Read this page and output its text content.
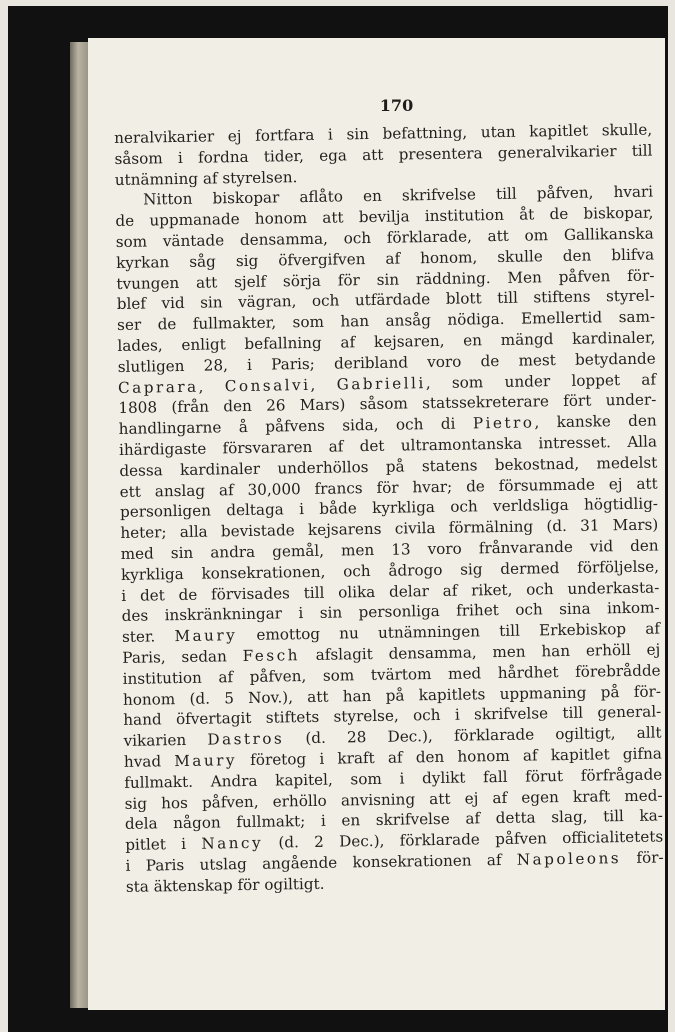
170
neralvikarier ej fortfara i sin befattning, utan kapitlet skulle,
såsom i fordna tider, ega att presentera generalvikarier till
utnämning af styrelsen.
Nitton biskopar aflåto en skrifvelse till påfven, hvari
de uppmanade honom att bevilja institution åt de biskopar,
som väntade densamma, och förklarade, att om Gallikanska
kyrkan såg sig öfvergifven af honom, skulle den blifva
tvungen att sjelf sörja för sin räddning. Men påfven för-
blef vid sin vägran, och utfärdade blott till stiftens styrel-
ser de fullmakter, som han ansåg nödiga. Emellertid sam-
lades, enligt befallning af kejsaren, en mängd kardinaler,
slutligen 28, i Paris; deribland voro de mest betydande
Caprara, Consalvi, Gabrielli, som under loppet af
1808 (från den 26 Mars) såsom statssekreterare fört under-
handlingarne å påfvens sida, och di Pietro, kanske den
ihärdigaste försvararen af det ultramontanska intresset. Alla
dessa kardinaler underhöllos på statens bekostnad, medelst
ett anslag af 30,000 francs för hvar; de försummade ej att
personligen deltaga i både kyrkliga och verldsliga högtidlig-
heter; alla bevistade kejsarens civila förmälning (d. 31 Mars)
med sin andra gemål, men 13 voro frånvarande vid den
kyrkliga konsekrationen, och ådrogo sig dermed förföljelse,
i det de förvisades till olika delar af riket, och underkasta-
des inskränkningar i sin personliga frihet och sina inkom-
ster. Maury emottog nu utnämningen till Erkebiskop af
Paris, sedan Fesch afslagit densamma, men han erhöll ej
institution af påfven, som tvärtom med hårdhet förebrådde
honom (d. 5 Nov.), att han på kapitlets uppmaning på för-
hand öfvertagit stiftets styrelse, och i skrifvelse till general-
vikarien Dastros (d. 28 Dec.), förklarade ogiltigt, allt
hvad Maury företog i kraft af den honom af kapitlet gifna
fullmakt. Andra kapitel, som i dylikt fall förut förfrågade
sig hos påfven, erhöllo anvisning att ej af egen kraft med-
dela någon fullmakt; i en skrifvelse af detta slag, till ka-
pitlet i Nancy (d. 2 Dec.), förklarade påfven officialitetets
i Paris utslag angående konsekrationen af Napoleons för-
sta äktenskap för ogiltigt.
